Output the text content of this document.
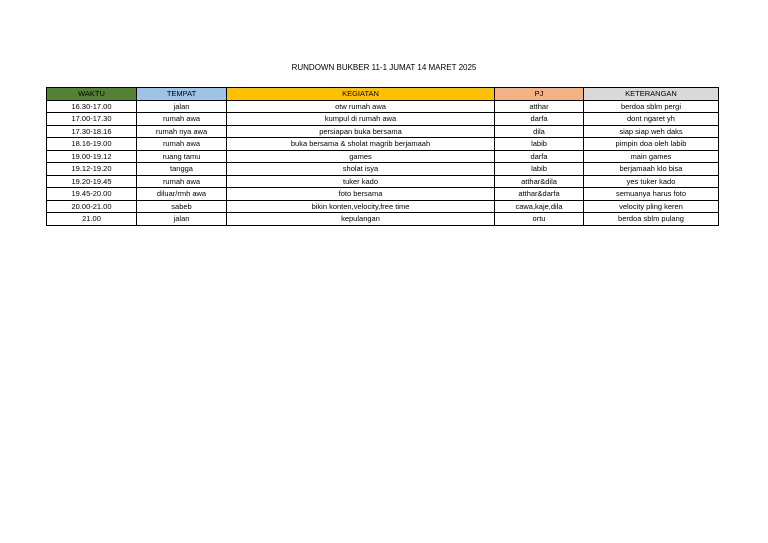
RUNDOWN BUKBER 11-1 JUMAT 14 MARET 2025
WAKTU	TEMPAT	KEGIATAN	PJ	KETERANGAN
16.30-17.00	jalan	otw rumah awa	atthar	berdoa sblm pergi
17.00-17.30	rumah awa	kumpul di rumah awa	darfa	dont ngaret yh
17.30-18.16	rumah nya awa	persiapan buka bersama	dila	siap siap weh daks
18.16-19.00	rumah awa	buka bersama & sholat magrib berjamaah	labib	pimpin doa oleh labib
19.00-19.12	ruang tamu	games	darfa	main games
19.12-19.20	tangga	sholat isya	labib	berjamaah klo bisa
19.20-19.45	rumah awa	tuker kado	atthar&dila	yes tuker kado
19.45-20.00	diluar/rmh awa	foto bersama	atthar&darfa	semuanya harus foto
20.00-21.00	sabeb	bikin konten,velocity,free time	cawa,kaje,dila	velocity pling keren
21.00	jalan	kepulangan	ortu	berdoa sblm pulang
